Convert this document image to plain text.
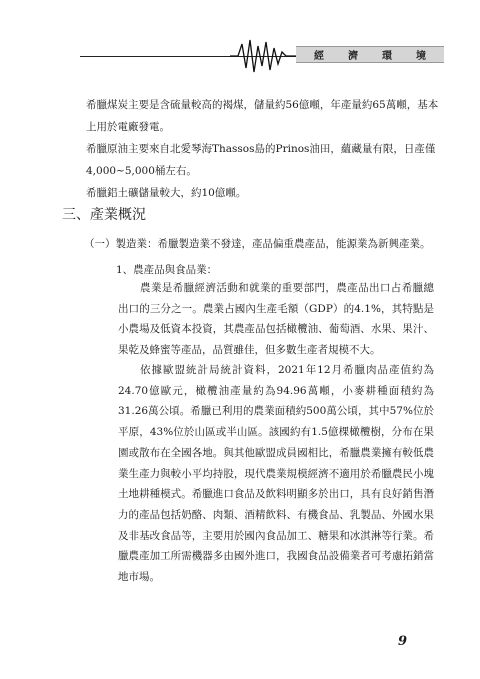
經 濟 環 境

希臘煤炭主要是含硫量較高的褐煤，儲量約56億噸，年產量約65萬噸，基本上用於電廠發電。

希臘原油主要來自北愛琴海Thassos島的Prinos油田，蘊藏量有限，日產僅4,000~5,000桶左右。

希臘鋁土礦儲量較大，約10億噸。

三、產業概況

（一）製造業：希臘製造業不發達，產品偏重農產品，能源業為新興產業。

1、農產品與食品業：

農業是希臘經濟活動和就業的重要部門，農產品出口占希臘總出口的三分之一。農業占國內生產毛額（GDP）的4.1%，其特點是小農場及低資本投資，其農產品包括橄欖油、葡萄酒、水果、果汁、果乾及蜂蜜等產品，品質雖佳，但多數生產者規模不大。

依據歐盟統計局統計資料，2021年12月希臘肉品產值約為24.70億歐元，橄欖油產量約為94.96萬噸，小麥耕種面積約為31.26萬公頃。希臘已利用的農業面積約500萬公頃，其中57%位於平原，43%位於山區或半山區。該國約有1.5億棵橄欖樹，分布在果園或散布在全國各地。與其他歐盟成員國相比，希臘農業擁有較低農業生產力與較小平均持股，現代農業規模經濟不適用於希臘農民小塊土地耕種模式。希臘進口食品及飲料明顯多於出口，具有良好銷售潛力的產品包括奶酪、肉類、酒精飲料、有機食品、乳製品、外國水果及非基改食品等，主要用於國內食品加工、糖果和冰淇淋等行業。希臘農產加工所需機器多由國外進口，我國食品設備業者可考慮拓銷當地市場。

9
